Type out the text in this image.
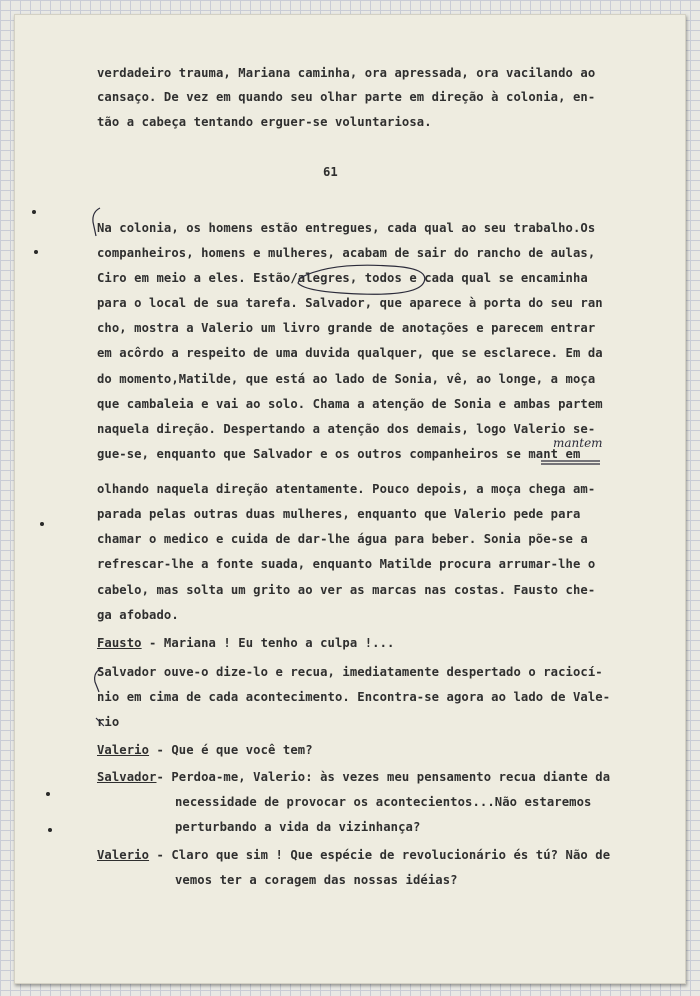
verdadeiro trauma, Mariana caminha, ora apressada, ora vacilando ao

cansaço. De vez em quando seu olhar parte em direção à colonia, en-

tão a cabeça tentando erguer-se voluntariosa.

61

Na colonia, os homens estão entregues, cada qual ao seu trabalho.Os

companheiros, homens e mulheres, acabam de sair do rancho de aulas,

Ciro em meio a eles. Estão/alegres, todos e cada qual se encaminha

para o local de sua tarefa. Salvador, que aparece à porta do seu ran

cho, mostra a Valerio um livro grande de anotações e parecem entrar

em acôrdo a respeito de uma duvida qualquer, que se esclarece. Em da

do momento,Matilde, que está ao lado de Sonia, vê, ao longe, a moça

que cambaleia e vai ao solo. Chama a atenção de Sonia e ambas partem

naquela direção. Despertando a atenção dos demais, logo Valerio se-

gue-se, enquanto que Salvador e os outros companheiros se mant em

olhando naquela direção atentamente. Pouco depois, a moça chega am-

parada pelas outras duas mulheres, enquanto que Valerio pede para

chamar o medico e cuida de dar-lhe água para beber. Sonia põe-se a

refrescar-lhe a fonte suada, enquanto Matilde procura arrumar-lhe o

cabelo, mas solta um grito ao ver as marcas nas costas. Fausto che-

ga afobado.

Fausto - Mariana ! Eu tenho a culpa !...

Salvador ouve-o dize-lo e recua, imediatamente despertado o raciocí-

nio em cima de cada acontecimento. Encontra-se agora ao lado de Vale-

rio

Valerio - Que é que você tem?

Salvador- Perdoa-me, Valerio: às vezes meu pensamento recua diante da

necessidade de provocar os acontecientos...Não estaremos

perturbando a vida da vizinhança?

Valerio - Claro que sim ! Que espécie de revolucionário és tú? Não de

vemos ter a coragem das nossas idéias?

mantem
